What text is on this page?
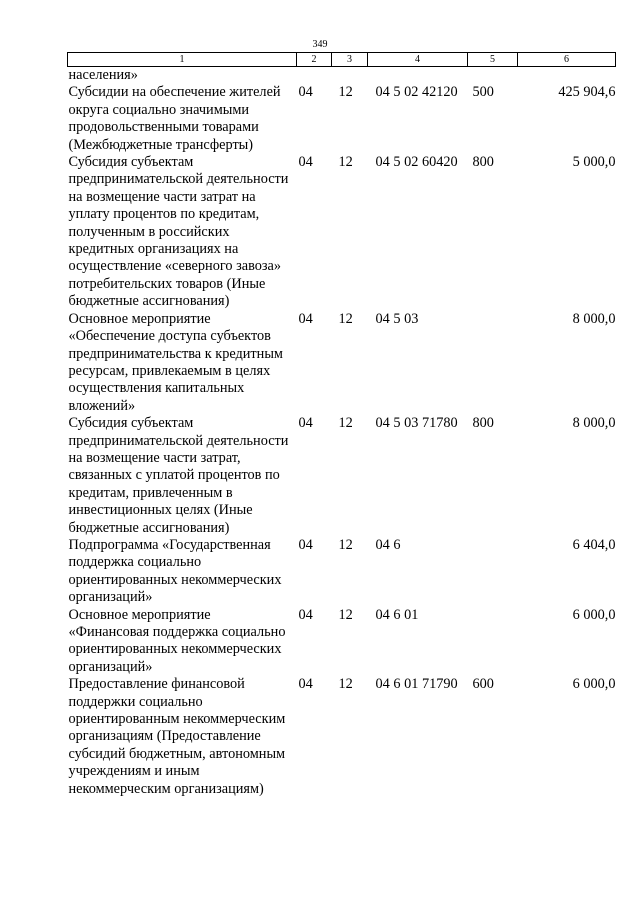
349
1	2	3	4	5	6
населения»					
Субсидии на обеспечение жителей округа социально значимыми продовольственными товарами (Межбюджетные трансферты)	04	12	04 5 02 42120	500	425 904,6
Субсидия субъектам предпринимательской деятельности на возмещение части затрат на уплату процентов по кредитам, полученным в российских кредитных организациях на осуществление «северного завоза» потребительских товаров (Иные бюджетные ассигнования)	04	12	04 5 02 60420	800	5 000,0
Основное мероприятие «Обеспечение доступа субъектов предпринимательства к кредитным ресурсам, привлекаемым в целях осуществления капитальных вложений»	04	12	04 5 03		8 000,0
Субсидия субъектам предпринимательской деятельности на возмещение части затрат, связанных с уплатой процентов по кредитам, привлеченным в инвестиционных целях (Иные бюджетные ассигнования)	04	12	04 5 03 71780	800	8 000,0
Подпрограмма «Государственная поддержка социально ориентированных некоммерческих организаций»	04	12	04 6		6 404,0
Основное мероприятие «Финансовая поддержка социально ориентированных некоммерческих организаций»	04	12	04 6 01		6 000,0
Предоставление финансовой поддержки социально ориентированным некоммерческим организациям (Предоставление субсидий бюджетным, автономным учреждениям и иным некоммерческим организациям)	04	12	04 6 01 71790	600	6 000,0
